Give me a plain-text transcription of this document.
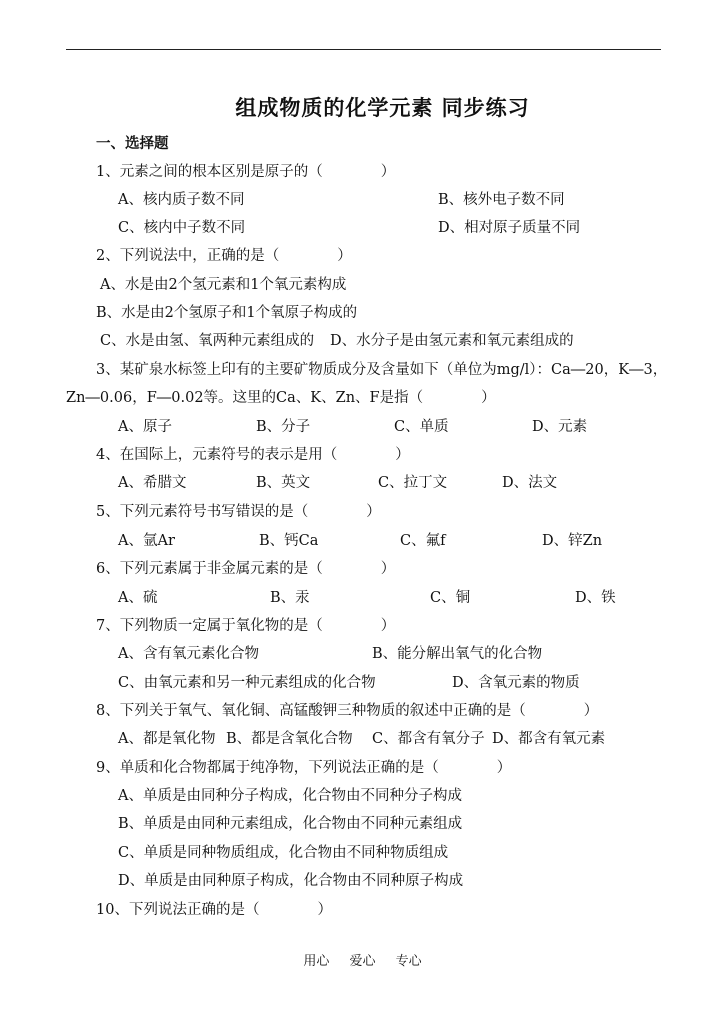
组成物质的化学元素 同步练习
一、选择题
1、元素之间的根本区别是原子的（　　　　）
A、核内质子数不同	B、核外电子数不同
C、核内中子数不同	D、相对原子质量不同
2、下列说法中，正确的是（　　　　）
A、水是由2个氢元素和1个氧元素构成
B、水是由2个氢原子和1个氧原子构成的
C、水是由氢、氧两种元素组成的 D、水分子是由氢元素和氧元素组成的
3、某矿泉水标签上印有的主要矿物质成分及含量如下（单位为mg/l）：Ca―20，K―3，
Zn―0.06，F―0.02等。这里的Ca、K、Zn、F是指（　　　　）
A、原子	B、分子	C、单质	D、元素
4、在国际上，元素符号的表示是用（　　　　）
A、希腊文	B、英文	C、拉丁文	D、法文
5、下列元素符号书写错误的是（　　　　）
A、氩Ar	B、钙Ca	C、氟f	D、锌Zn
6、下列元素属于非金属元素的是（　　　　）
A、硫	B、汞	C、铜	D、铁
7、下列物质一定属于氧化物的是（　　　　）
A、含有氧元素化合物	B、能分解出氧气的化合物
C、由氧元素和另一种元素组成的化合物	D、含氧元素的物质
8、下列关于氧气、氧化铜、高锰酸钾三种物质的叙述中正确的是（　　　　）
A、都是氧化物 B、都是含氧化合物 C、都含有氧分子 D、都含有氧元素
9、单质和化合物都属于纯净物，下列说法正确的是（　　　　）
A、单质是由同种分子构成，化合物由不同种分子构成
B、单质是由同种元素组成，化合物由不同种元素组成
C、单质是同种物质组成，化合物由不同种物质组成
D、单质是由同种原子构成，化合物由不同种原子构成
10、下列说法正确的是（　　　　）
用心 爱心 专心
